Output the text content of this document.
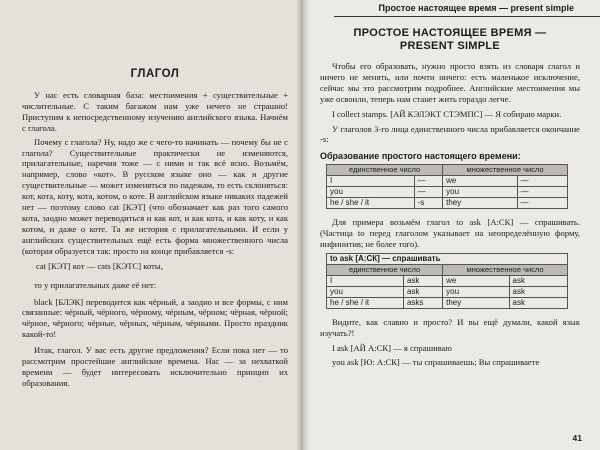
ГЛАГОЛ

У нас есть словарная база: местоимения + существительные + числительные. С таким багажом нам уже нечего не страшно! Приступим к непосредственному изучению английского языка. Начнём с глагола.

Почему с глагола? Ну, надо же с чего-то начинать — почему бы не с глагола? Существительные практически не изменяются, прилагательные, наречия тоже — с ними и так всё ясно. Возьмём, например, слово «кот». В русском языке оно — как и другие существительные — может изменяться по падежам, то есть склоняться: кот, кота, коту, кота, котом, о коте. В английском языке никаких падежей нет — поэтому слово cat [КЭТ] (что обозначает как раз того самого кота, заодно может переводиться и как кот, и как кота, и как коту, и как котом, и даже о коте. Та же история с прилагательными. И если у английских существительных ещё есть форма множественного числа (которая образуется так: просто на конце прибавляется -s:

cat [КЭТ] кот — cats [КЭТС] коты,

то у прилагательных даже её нет:

black [БЛЭК] переводится как чёрный, а заодно и все формы, с ним связанные: чёрный, чёрного, чёрному, чёрным, чёрном; чёрная, чёрной; чёрное, чёрного; чёрные, чёрных, чёрным, чёрными. Просто праздник какой-то!

Итак, глагол. У вас есть другие предложения? Если пока нет — то рассмотрим простейшие английские времена. Нас — за нехваткой времени — будет интересовать исключительно принцип их образования.

Простое настоящее время — present simple
ПРОСТОЕ НАСТОЯЩЕЕ ВРЕМЯ —
PRESENT SIMPLE

Чтобы его образовать, нужно просто взять из словаря глагол и ничего не менять, или почти ничего: есть маленькое исключение, сейчас мы это рассмотрим подробнее. Английские местоимения мы уже освоили, теперь нам станет жить гораздо легче.

I collect stamps. [АЙ КЭЛЭКТ СТЭМПС] — Я собираю марки.

У глаголов 3-го лица единственного числа прибавляется окончание -s:

Образование простого настоящего времени:
единственное число		множественное число	
I	—	we	—
you	—	you	—
he / she / it	-s	they	—

Для примера возьмём глагол to ask [А:СК] — спрашивать. (Частица to перед глаголом указывает на неопределённую форму, инфинитив; не более того).

to ask [А:СК] — спрашивать			
единственное число		множественное число	
I	ask	we	ask
you	ask	you	ask
he / she / it	asks	they	ask

Видите, как славно и просто? И вы ещё думали, какой язык изучать?!

I ask [АЙ А:СК] — я спрашиваю

you ask [Ю: А:СК] — ты спрашиваешь; Вы спрашиваете

41
